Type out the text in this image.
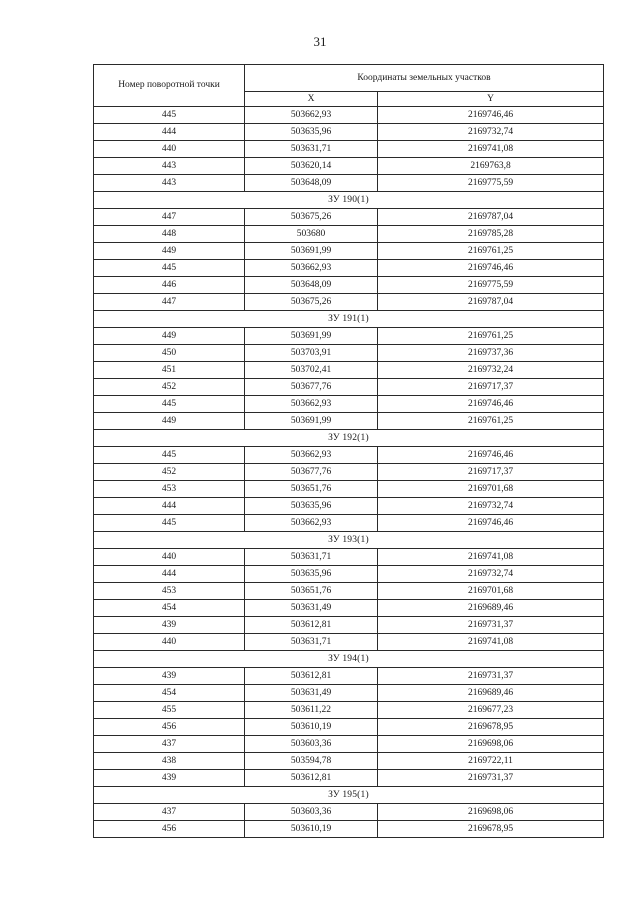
31
Номер поворотной точки	Координаты земельных участков	
	X	Y
445	503662,93	2169746,46
444	503635,96	2169732,74
440	503631,71	2169741,08
443	503620,14	2169763,8
443	503648,09	2169775,59
ЗУ 190(1)		
447	503675,26	2169787,04
448	503680	2169785,28
449	503691,99	2169761,25
445	503662,93	2169746,46
446	503648,09	2169775,59
447	503675,26	2169787,04
ЗУ 191(1)		
449	503691,99	2169761,25
450	503703,91	2169737,36
451	503702,41	2169732,24
452	503677,76	2169717,37
445	503662,93	2169746,46
449	503691,99	2169761,25
ЗУ 192(1)		
445	503662,93	2169746,46
452	503677,76	2169717,37
453	503651,76	2169701,68
444	503635,96	2169732,74
445	503662,93	2169746,46
ЗУ 193(1)		
440	503631,71	2169741,08
444	503635,96	2169732,74
453	503651,76	2169701,68
454	503631,49	2169689,46
439	503612,81	2169731,37
440	503631,71	2169741,08
ЗУ 194(1)		
439	503612,81	2169731,37
454	503631,49	2169689,46
455	503611,22	2169677,23
456	503610,19	2169678,95
437	503603,36	2169698,06
438	503594,78	2169722,11
439	503612,81	2169731,37
ЗУ 195(1)		
437	503603,36	2169698,06
456	503610,19	2169678,95
